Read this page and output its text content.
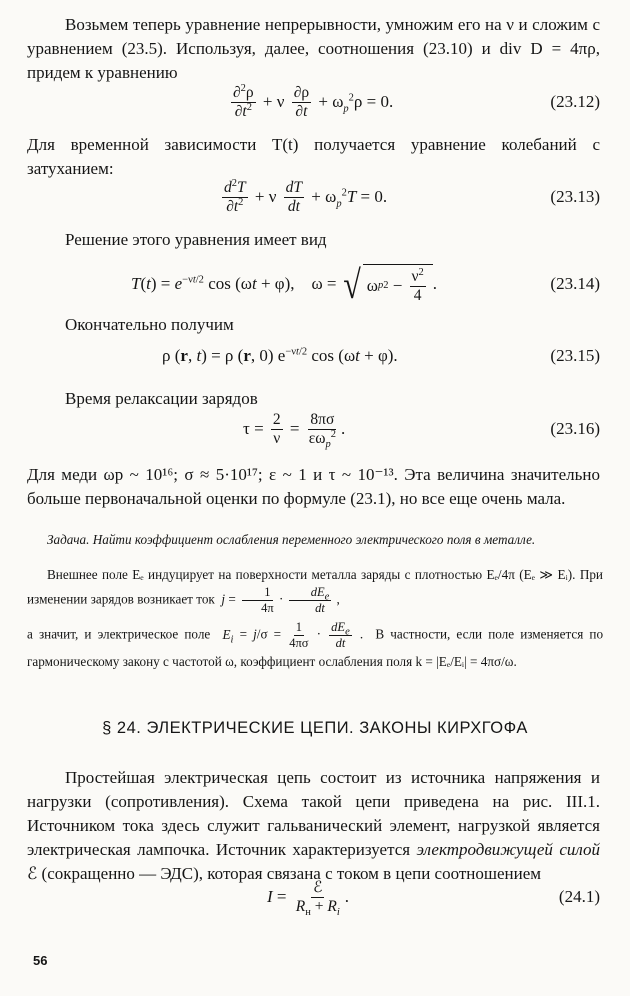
Возьмем теперь уравнение непрерывности, умножим его на ν и сложим с уравнением (23.5). Используя, далее, соотношения (23.10) и div D = 4πρ, придем к уравнению
$\frac{\partial^2\rho}{\partial t^2} + \nu \frac{\partial\rho}{\partial t} + \omega_p^2\rho = 0$.	(23.12)
Для временной зависимости T(t) получается уравнение колебаний с затуханием:
$\frac{d^2T}{\partial t^2} + \nu \frac{dT}{dt} + \omega_p^2T = 0$.	(23.13)
Решение этого уравнения имеет вид
$T(t) = e^{-\nu t/2}$ cos (ωt + φ),    ω = √ ω p $2 - \frac{\nu^2}{4}$ .	(23.14)
Окончательно получим
ρ (r, t) = ρ (r, 0) $e^{-\nu t/2}$ cos (ωt + φ).	(23.15)
Время релаксации зарядов
$\tau = \frac{2}{\nu} = \frac{8\pi\sigma}{\varepsilon\omega_p^2}$ .	(23.16)
Для меди ωp ~ 10¹⁶; σ ≈ 5·10¹⁷; ε ~ 1 и τ ~ 10⁻¹³. Эта величина значительно больше первоначальной оценки по формуле (23.1), но все еще очень мала.
Задача. Найти коэффициент ослабления переменного электрического поля в металле.
Внешнее поле Eₑ индуцирует на поверхности металла заряды с плотностью Eₑ/4π (Eₑ ≫ Eᵢ). При изменении зарядов возникает ток $j = \frac{1}{4\pi} \cdot \frac{dE_e}{dt}$ ,
а значит, и электрическое поле $E_i = j/\sigma = \frac{1}{4\pi\sigma} \cdot \frac{dE_e}{dt}$ .  В частности, если поле изменяется по гармоническому закону с частотой ω, коэффициент ослабления поля k = |Eₑ/Eᵢ| = 4πσ/ω.
§ 24. ЭЛЕКТРИЧЕСКИЕ ЦЕПИ. ЗАКОНЫ КИРХГОФА
Простейшая электрическая цепь состоит из источника напряжения и нагрузки (сопротивления). Схема такой цепи приведена на рис. III.1. Источником тока здесь служит гальванический элемент, нагрузкой является электрическая лампочка. Источник характеризуется электродвижущей силой ℰ (сокращенно — ЭДС), которая связана с током в цепи соотношением
$I = \frac{\text{ℰ}}{R_н + R_i}$ .	(24.1)
56
